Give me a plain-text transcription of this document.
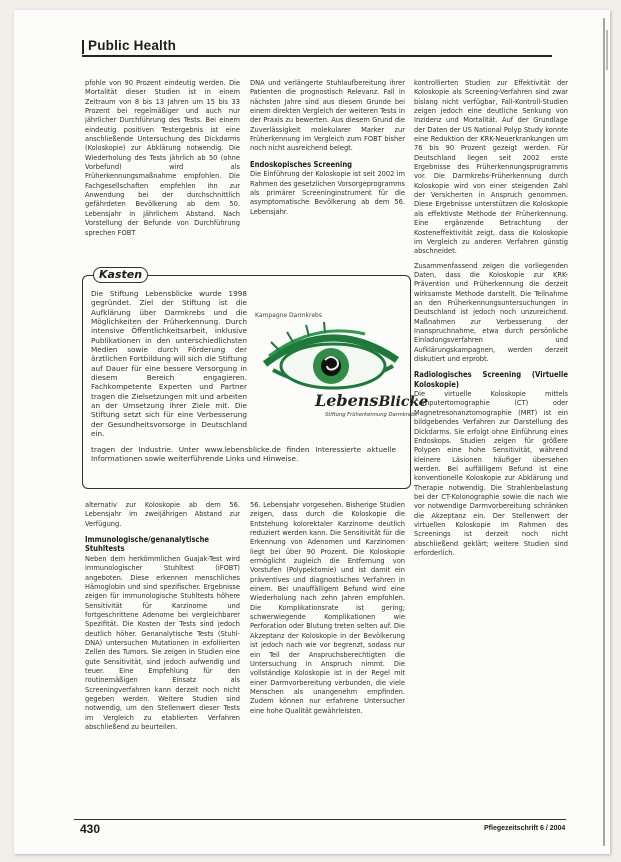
Public Health

pfohle von 90 Prozent eindeutig werden. Die Mortalität dieser Studien ist in einem Zeitraum von 8 bis 13 Jahren um 15 bis 33 Prozent bei regelmäßiger und auch nur jährlicher Durchführung des Tests. Bei einem eindeutig positiven Testergebnis ist eine anschließende Untersuchung des Dickdarms (Koloskopie) zur Abklärung notwendig. Die Wiederholung des Tests jährlich ab 50 (ohne Vorbefund) wird als Früherkennungsmaßnahme empfohlen. Die Fachgesellschaften empfehlen ihn zur Anwendung bei der durchschnittlich gefährdeten Bevölkerung ab dem 50. Lebensjahr in jährlichem Abstand. Nach Vorstellung der Befunde von Durchführung sprechen FOBT

DNA und verlängerte Stuhlaufbereitung ihrer Patienten die prognostisch Relevanz. Fall in nächsten Jahre sind aus diesem Grunde bei einem direkten Vergleich der weiteren Tests in der Praxis zu bewerten. Aus diesem Grund die Zuverlässigkeit molekularer Marker zur Früherkennung im Vergleich zum FOBT bisher noch nicht ausreichend belegt.

Endoskopisches Screening

Die Einführung der Koloskopie ist seit 2002 im Rahmen des gesetzlichen Vorsorgeprogramms als primärer Screeninginstrument für die asymptomatische Bevölkerung ab dem 56. Lebensjahr.

Kasten
Die Stiftung Lebensblicke wurde 1998 gegründet. Ziel der Stiftung ist die Aufklärung über Darmkrebs und die Möglichkeiten der Früherkennung. Durch intensive Öffentlichkeitsarbeit, inklusive Publikationen in den unterschiedlichsten Medien sowie durch Förderung der ärztlichen Fortbildung will sich die Stiftung auf Dauer für eine bessere Versorgung in diesem Bereich engagieren. Fachkompetente Experten und Partner tragen die Zielsetzungen mit und arbeiten an der Umsetzung ihrer Ziele mit. Die Stiftung setzt sich für eine Verbesserung der Gesundheitsvorsorge in Deutschland ein.
Kampagne Darmkrebs
LebensBlicke
Stiftung Früherkennung Darmkrebs
tragen der Industrie. Unter www.lebensblicke.de finden Interessierte aktuelle Informationen sowie weiterführende Links und Hinweise.

alternativ zur Koloskopie ab dem 56. Lebensjahr im zweijährigen Abstand zur Verfügung.

Immunologische/genanalytische Stuhltests

Neben dem herkömmlichen Guajak-Test wird immunologischer Stuhltest (iFOBT) angeboten. Diese erkennen menschliches Hämoglobin und sind spezifischer. Ergebnisse zeigen für immunologische Stuhltests höhere Sensitivität für Karzinome und fortgeschrittene Adenome bei vergleichbarer Spezifität. Die Kosten der Tests sind jedoch deutlich höher. Genanalytische Tests (Stuhl-DNA) untersuchen Mutationen in exfoliierten Zellen des Tumors. Sie zeigen in Studien eine gute Sensitivität, sind jedoch aufwendig und teuer. Eine Empfehlung für den routinemäßigen Einsatz als Screeningverfahren kann derzeit noch nicht gegeben werden. Weitere Studien sind notwendig, um den Stellenwert dieser Tests im Vergleich zu etablierten Verfahren abschließend zu beurteilen.

56. Lebensjahr vorgesehen. Bisherige Studien zeigen, dass durch die Koloskopie die Entstehung kolorektaler Karzinome deutlich reduziert werden kann. Die Sensitivität für die Erkennung von Adenomen und Karzinomen liegt bei über 90 Prozent. Die Koloskopie ermöglicht zugleich die Entfernung von Vorstufen (Polypektomie) und ist damit ein präventives und diagnostisches Verfahren in einem. Bei unauffälligem Befund wird eine Wiederholung nach zehn Jahren empfohlen. Die Komplikationsrate ist gering; schwerwiegende Komplikationen wie Perforation oder Blutung treten selten auf. Die Akzeptanz der Koloskopie in der Bevölkerung ist jedoch nach wie vor begrenzt, sodass nur ein Teil der Anspruchsberechtigten die Untersuchung in Anspruch nimmt. Die vollständige Koloskopie ist in der Regel mit einer Darmvorbereitung verbunden, die viele Menschen als unangenehm empfinden. Zudem können nur erfahrene Untersucher eine hohe Qualität gewährleisten.

kontrollierten Studien zur Effektivität der Koloskopie als Screening-Verfahren sind zwar bislang nicht verfügbar, Fall-Kontroll-Studien zeigen jedoch eine deutliche Senkung von Inzidenz und Mortalität. Auf der Grundlage der Daten der US National Polyp Study konnte eine Reduktion der KRK-Neuerkrankungen um 76 bis 90 Prozent gezeigt werden. Für Deutschland liegen seit 2002 erste Ergebnisse des Früherkennungsprogramms vor. Die Darmkrebs-Früherkennung durch Koloskopie wird von einer steigenden Zahl der Versicherten in Anspruch genommen. Diese Ergebnisse unterstützen die Koloskopie als effektivste Methode der Früherkennung. Eine ergänzende Betrachtung der Kosteneffektivität zeigt, dass die Koloskopie im Vergleich zu anderen Verfahren günstig abschneidet.

Zusammenfassend zeigen die vorliegenden Daten, dass die Koloskopie zur KRK-Prävention und Früherkennung die derzeit wirksamste Methode darstellt. Die Teilnahme an den Früherkennungsuntersuchungen in Deutschland ist jedoch noch unzureichend. Maßnahmen zur Verbesserung der Inanspruchnahme, etwa durch persönliche Einladungsverfahren und Aufklärungskampagnen, werden derzeit diskutiert und erprobt.

Radiologisches Screening (Virtuelle Koloskopie)

Die virtuelle Koloskopie mittels Computertomographie (CT) oder Magnetresonanztomographie (MRT) ist ein bildgebendes Verfahren zur Darstellung des Dickdarms. Sie erfolgt ohne Einführung eines Endoskops. Studien zeigen für größere Polypen eine hohe Sensitivität, während kleinere Läsionen häufiger übersehen werden. Bei auffälligem Befund ist eine konventionelle Koloskopie zur Abklärung und Therapie notwendig. Die Strahlenbelastung bei der CT-Kolonographie sowie die nach wie vor notwendige Darmvorbereitung schränken die Akzeptanz ein. Der Stellenwert der virtuellen Koloskopie im Rahmen des Screenings ist derzeit noch nicht abschließend geklärt; weitere Studien sind erforderlich.

430	Pflegezeitschrift 6 / 2004
